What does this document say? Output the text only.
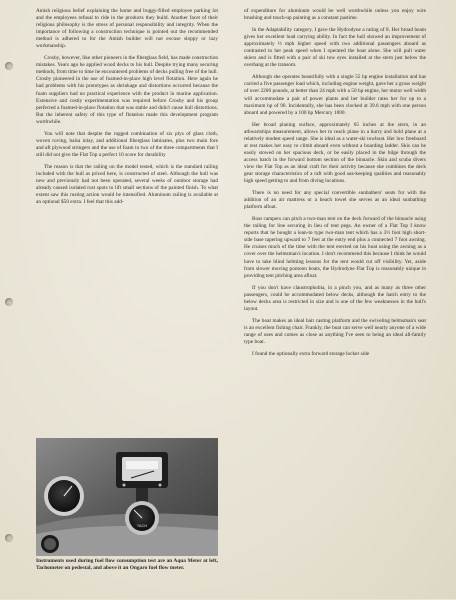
Amish religious belief explaining the home and buggy-filled employee parking lot and the employees refusal to ride in the products they build. Another facet of their religious philosophy is the stress of personal responsibility and integrity. When the importance of following a construction technique is pointed out the recommended method is adhered to for the Amish builder will not excuse sloppy or lazy workmanship.

Crosby, however, like other pioneers in the fiberglass field, has made construction mistakes. Years ago he applied wood decks to his hull. Despite trying many securing methods, from time to time he encountered problems of decks pulling free of the hull. Crosby pioneered in the use of foamed-in-place high level flotation. Here again he had problems with his prototypes as shrinkage and distortions occurred because the foam suppliers had no practical experience with the product in marine application. Extensive and costly experimentation was required before Crosby and his group perfected a foamed-in-place flotation that was stable and didn't cause hull distortions. But the inherent safety of this type of flotation made this development program worthwhile.

You will note that despite the rugged combination of six plys of glass cloth, woven roving, balsa inlay, and additional fiberglass laminates, plus two main fore and aft plywood stringers and the use of foam in two of the three compartments that I still did not give the Flat Top a perfect 10 score for durability

The reason is that the railing on the model tested, which is the standard railing included with the hull as priced here, is constructed of steel. Although the hull was new and previously had not been operated, several weeks of outdoor storage had already caused isolated rust spots to lift small sections of the painted finish. To what extent saw this rusting action would be intensified. Aluminum railing is available at an optional $50 extra. I feel that this add-

of expenditure for aluminum would be well worthwhile unless you enjoy wire brushing and touch-up painting as a constant pastime.

In the Adaptability category, I gave the Hydrodyne a rating of 8. Her broad beam gives her excellent load carrying ability. In fact the hull showed an improvement of approximately ⅓ mph higher speed with two additional passengers aboard as contrasted to her peak speed when I operated the boat alone. She will pull water skiers and is fitted with a pair of ski tow eyes installed at the stern just below the overhang at the transom.

Although she operates beautifully with a single 55 hp engine installation and has carried a five passenger load which, including engine weight, gave her a gross weight of over 2200 pounds, at better than 24 mph with a 50 hp engine, her motor well width will accommodate a pair of power plants and her builder rates her for up to a maximum hp of 90. Incidentally, she has been clocked at 39.6 mph with one person aboard and powered by a 100 hp Mercury 1000.

Her broad planing surface, approximately 65 inches at the stern, in an athwartships measurement, allows her to reach plane in a hurry and hold plane at a relatively modest speed range. She is ideal as a water-ski towboat. Her low freeboard at rest makes her easy to climb aboard even without a boarding ladder. Skis can be easily stowed on her spacious deck, or be easily placed in the bilge through the access hatch in the forward bottom section of the binnacle. Skin and scuba divers view the Flat Top as an ideal craft for their activity because she combines the deck gear storage characteristics of a raft with good sea-keeping qualities and reasonably high speed getting to and from diving locations.

There is no need for any special convertible sunbathers' seats for with the addition of an air mattress or a beach towel she serves as an ideal sunbathing platform afloat.

Boat campers can pitch a two-man tent on the deck forward of the binnacle using the railing for line securing in lieu of tent pegs. An owner of a Flat Top I know reports that he bought a lean-to type two-man tent which has a 3½ foot high short-side base tapering upward to 7 feet at the entry end plus a connected 7 foot awning. He cruises much of the time with the tent erected on his boat using the awning as a cover over the helmsman's location. I don't recommend this because I think he would have to take blind helming lessons for the tent would cut off visibility. Yet, aside from slower moving pontoon boats, the Hydrodyne Flat Top is reasonably unique in providing tent pitching area afloat.

If you don't have claustrophobia, in a pinch you, and as many as three other passengers, could be accommodated below decks, although the hatch entry to the below decks area is restricted in size and is one of the few weaknesses in the hull's layout.

The boat makes an ideal bait casting platform and the swiveling helmsman's seat is an excellent fishing chair. Frankly, the boat can serve well nearly anyone of a wide range of uses and comes as close as anything I've seen to being an ideal all-family type boat.

I found the optionally extra forward storage locker side

TACH
Instruments used during fuel flow consumption test are an Aqua Meter at left, Tachometer on pedestal, and above it an Ongaro fuel flow meter.
